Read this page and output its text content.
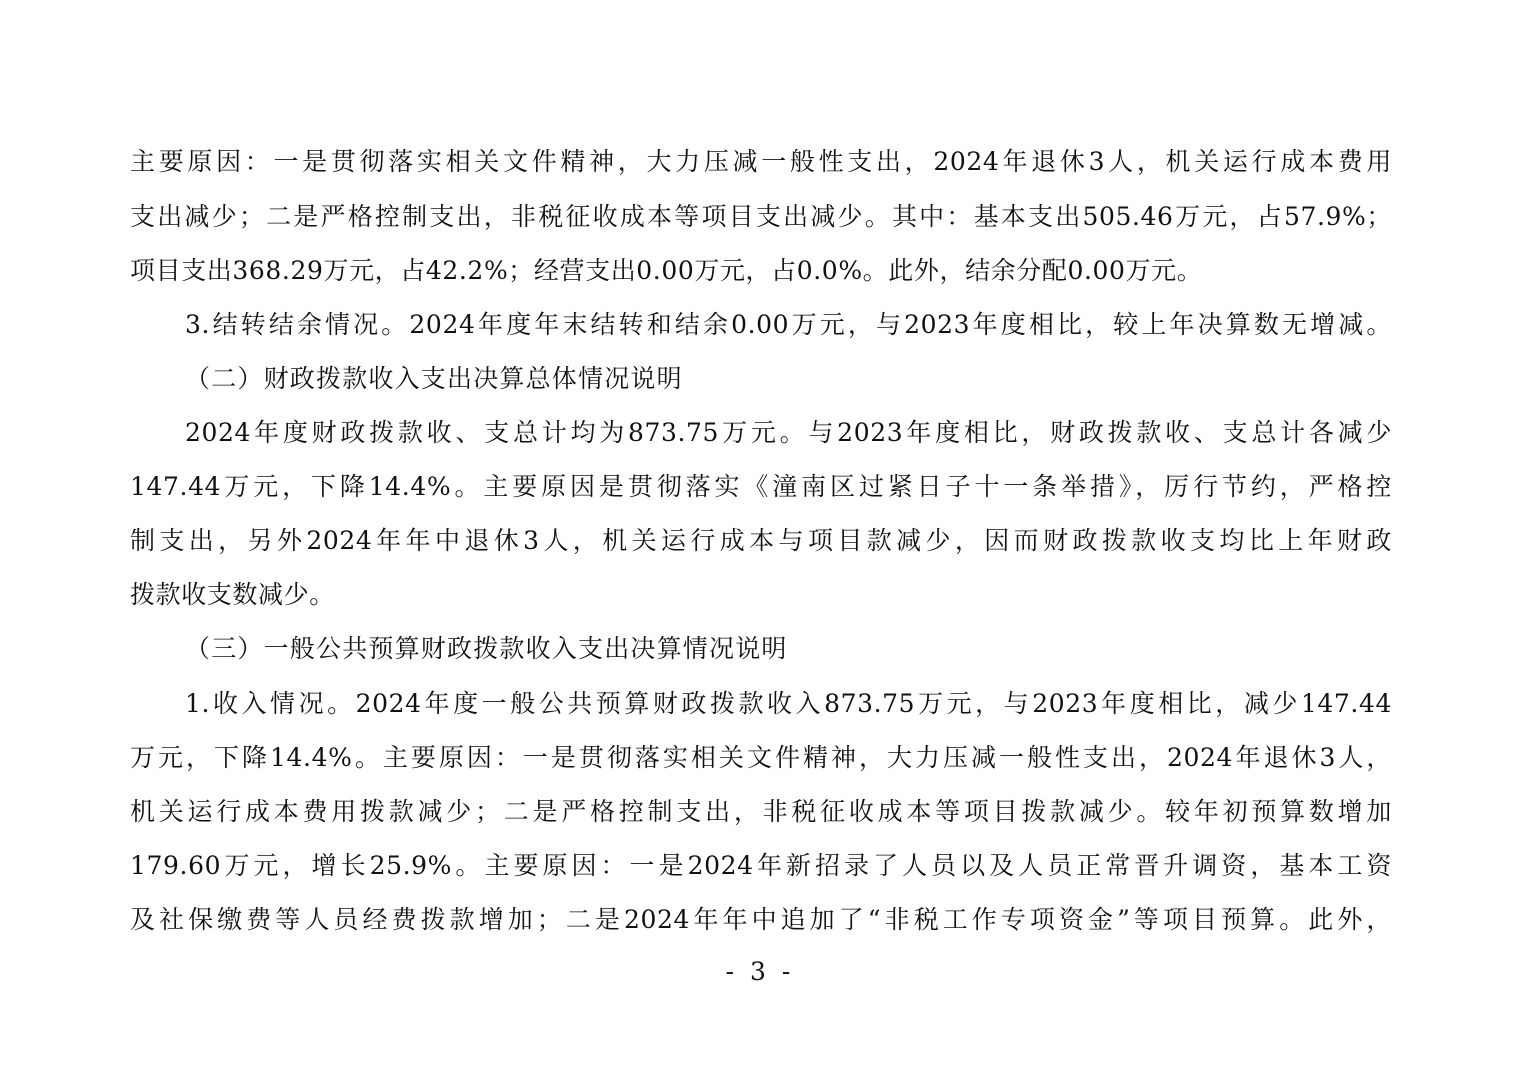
主要原因：一是贯彻落实相关文件精神，大力压减一般性支出，2024年退休3人，机关运行成本费用
支出减少；二是严格控制支出，非税征收成本等项目支出减少。其中：基本支出505.46万元，占57.9%；
项目支出368.29万元，占42.2%；经营支出0.00万元，占0.0%。此外，结余分配0.00万元。
3.结转结余情况。2024年度年末结转和结余0.00万元，与2023年度相比，较上年决算数无增减。
（二）财政拨款收入支出决算总体情况说明
2024年度财政拨款收、支总计均为873.75万元。与2023年度相比，财政拨款收、支总计各减少
147.44万元，下降14.4%。主要原因是贯彻落实《潼南区过紧日子十一条举措》，厉行节约，严格控
制支出，另外2024年年中退休3人，机关运行成本与项目款减少，因而财政拨款收支均比上年财政
拨款收支数减少。
（三）一般公共预算财政拨款收入支出决算情况说明
1.收入情况。2024年度一般公共预算财政拨款收入873.75万元，与2023年度相比，减少147.44
万元，下降14.4%。主要原因：一是贯彻落实相关文件精神，大力压减一般性支出，2024年退休3人，
机关运行成本费用拨款减少；二是严格控制支出，非税征收成本等项目拨款减少。较年初预算数增加
179.60万元，增长25.9%。主要原因：一是2024年新招录了人员以及人员正常晋升调资，基本工资
及社保缴费等人员经费拨款增加；二是2024年年中追加了“非税工作专项资金”等项目预算。此外，
- 3 -
